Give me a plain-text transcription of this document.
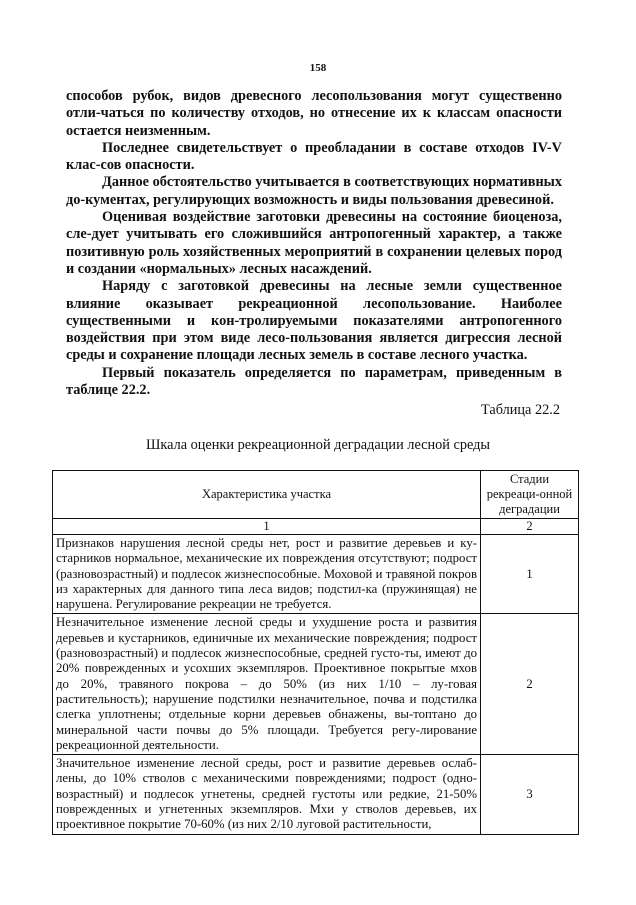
158

способов рубок, видов древесного лесопользования могут существенно отли-чаться по количеству отходов, но отнесение их к классам опасности остается неизменным.

Последнее свидетельствует о преобладании в составе отходов IV-V клас-сов опасности.

Данное обстоятельство учитывается в соответствующих нормативных до-кументах, регулирующих возможность и виды пользования древесиной.

Оценивая воздействие заготовки древесины на состояние биоценоза, сле-дует учитывать его сложившийся антропогенный характер, а также позитивную роль хозяйственных мероприятий в сохранении целевых пород и создании «нормальных» лесных насаждений.

Наряду с заготовкой древесины на лесные земли существенное влияние оказывает рекреационной лесопользование. Наиболее существенными и кон-тролируемыми показателями антропогенного воздействия при этом виде лесо-пользования является дигрессия лесной среды и сохранение площади лесных земель в составе лесного участка.

Первый показатель определяется по параметрам, приведенным в таблице 22.2.

Таблица 22.2
Шкала оценки рекреационной деградации лесной среды
Характеристика участка	Стадии рекреаци-онной деградации
1	2
Признаков нарушения лесной среды нет, рост и развитие деревьев и ку-старников нормальное, механические их повреждения отсутствуют; подрост (разновозрастный) и подлесок жизнеспособные. Моховой и травяной покров из характерных для данного типа леса видов; подстил-ка (пружинящая) не нарушена. Регулирование рекреации не требуется.	1
Незначительное изменение лесной среды и ухудшение роста и развития деревьев и кустарников, единичные их механические повреждения; подрост (разновозрастный) и подлесок жизнеспособные, средней густо-ты, имеют до 20% поврежденных и усохших экземпляров. Проективное покрытые мхов до 20%, травяного покрова – до 50% (из них 1/10 – лу-говая растительность); нарушение подстилки незначительное, почва и подстилка слегка уплотнены; отдельные корни деревьев обнажены, вы-топтано до минеральной части почвы до 5% площади. Требуется регу-лирование рекреационной деятельности.	2
Значительное изменение лесной среды, рост и развитие деревьев ослаб-лены, до 10% стволов с механическими повреждениями; подрост (одно-возрастный) и подлесок угнетены, средней густоты или редкие, 21-50% поврежденных и угнетенных экземпляров. Мхи у стволов деревьев, их проективное покрытие 70-60% (из них 2/10 луговой растительности,	3
